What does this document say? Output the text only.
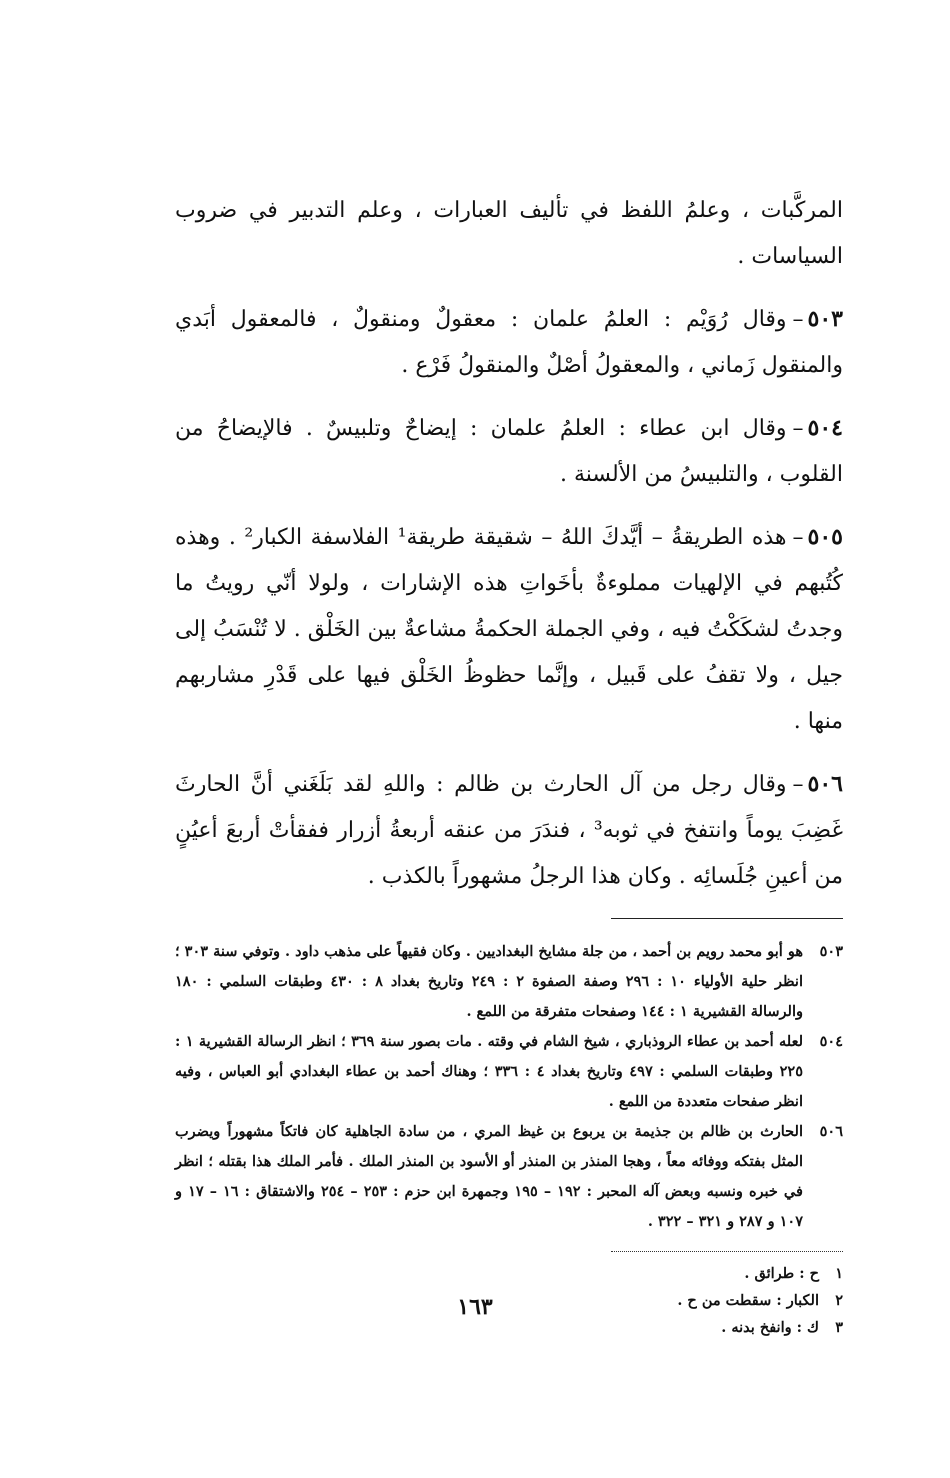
المركَّبات ، وعلمُ اللفظ في تأليف العبارات ، وعلم التدبير في ضروب السياسات .

٥٠٣–وقال رُوَيْم : العلمُ علمان : معقولٌ ومنقولٌ ، فالمعقول أبَدي والمنقول زَماني ، والمعقولُ أصْلٌ والمنقولُ فَرْع .

٥٠٤–وقال ابن عطاء : العلمُ علمان : إيضاحٌ وتلبيسٌ . فالإيضاحُ من القلوب ، والتلبيسُ من الألسنة .

٥٠٥–هذه الطريقةُ – أيَّدكَ اللهُ – شقيقة طريقة¹ الفلاسفة الكبار² . وهذه كُتُبهم في الإلهيات مملوءةٌ بأخَواتِ هذه الإشارات ، ولولا أنّي رويتُ ما وجدتُ لشكَكْتُ فيه ، وفي الجملة الحكمةُ مشاعةٌ بين الخَلْق . لا تُنْسَبُ إلى جيل ، ولا تقفُ على قَبيل ، وإنَّما حظوظُ الخَلْق فيها على قَدْرِ مشاربهم منها .

٥٠٦–وقال رجل من آل الحارث بن ظالم : واللهِ لقد بَلَغَني أنَّ الحارثَ غَضِبَ يوماً وانتفخ في ثوبه³ ، فندَرَ من عنقه أربعةُ أزرار ففقأتْ أربعَ أعيُنٍ من أعينِ جُلَسائِه . وكان هذا الرجلُ مشهوراً بالكذب .

٥٠٣
هو أبو محمد رويم بن أحمد ، من جلة مشايخ البغداديين . وكان فقيهاً على مذهب داود . وتوفي سنة ٣٠٣ ؛ انظر حلية الأولياء ١٠ : ٢٩٦ وصفة الصفوة ٢ : ٢٤٩ وتاريخ بغداد ٨ : ٤٣٠ وطبقات السلمي : ١٨٠ والرسالة القشيرية ١ : ١٤٤ وصفحات متفرقة من اللمع .

٥٠٤
لعله أحمد بن عطاء الروذباري ، شيخ الشام في وقته . مات بصور سنة ٣٦٩ ؛ انظر الرسالة القشيرية ١ : ٢٢٥ وطبقات السلمي : ٤٩٧ وتاريخ بغداد ٤ : ٣٣٦ ؛ وهناك أحمد بن عطاء البغدادي أبو العباس ، وفيه انظر صفحات متعددة من اللمع .

٥٠٦
الحارث بن ظالم بن جذيمة بن يربوع بن غيظ المري ، من سادة الجاهلية كان فاتكاً مشهوراً ويضرب المثل بفتكه ووفائه معاً ، وهجا المنذر بن المنذر أو الأسود بن المنذر الملك . فأمر الملك هذا بقتله ؛ انظر في خبره ونسبه وبعض آله المحبر : ١٩٢ – ١٩٥ وجمهرة ابن حزم : ٢٥٣ – ٢٥٤ والاشتقاق : ١٦ – ١٧ و ١٠٧ و ٢٨٧ و ٣٢١ – ٣٢٢ .

١
ح : طرائق .

٢
الكبار : سقطت من ح .

٣
ك : وانفخ بدنه .

١٦٣
